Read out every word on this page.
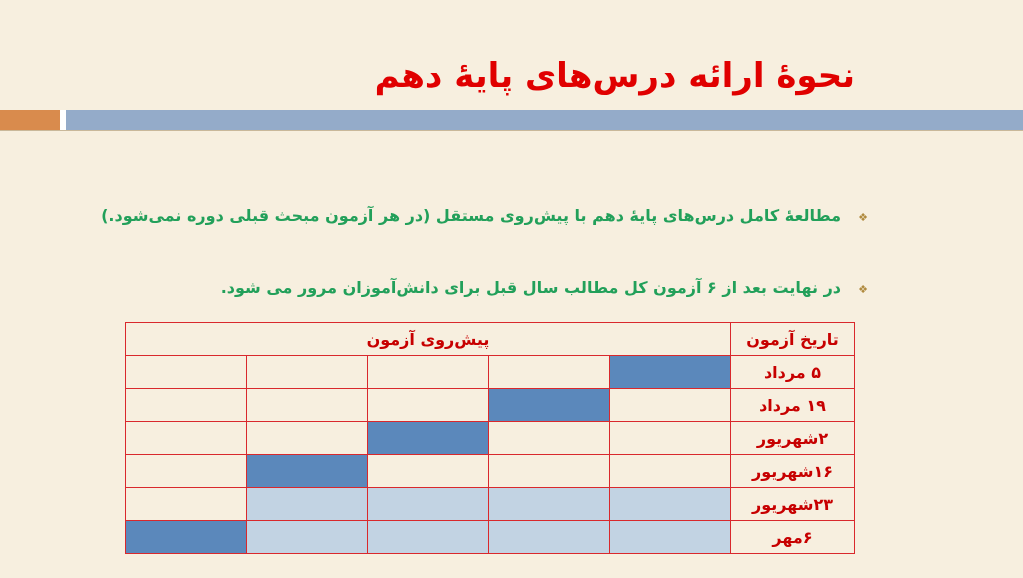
نحوهٔ ارائه درس‌های پایهٔ دهم
❖مطالعهٔ کامل درس‌های پایهٔ دهم با پیش‌روی مستقل (در هر آزمون مبحث قبلی دوره نمی‌شود.)
❖در نهایت بعد از ۶ آزمون کل مطالب سال قبل برای دانش‌آموزان مرور می شود.
تاریخ آزمون	پیش‌روی آزمون				
۵ مرداد					
۱۹ مرداد					
۲شهریور					
۱۶شهریور					
۲۳شهریور					
۶مهر					
